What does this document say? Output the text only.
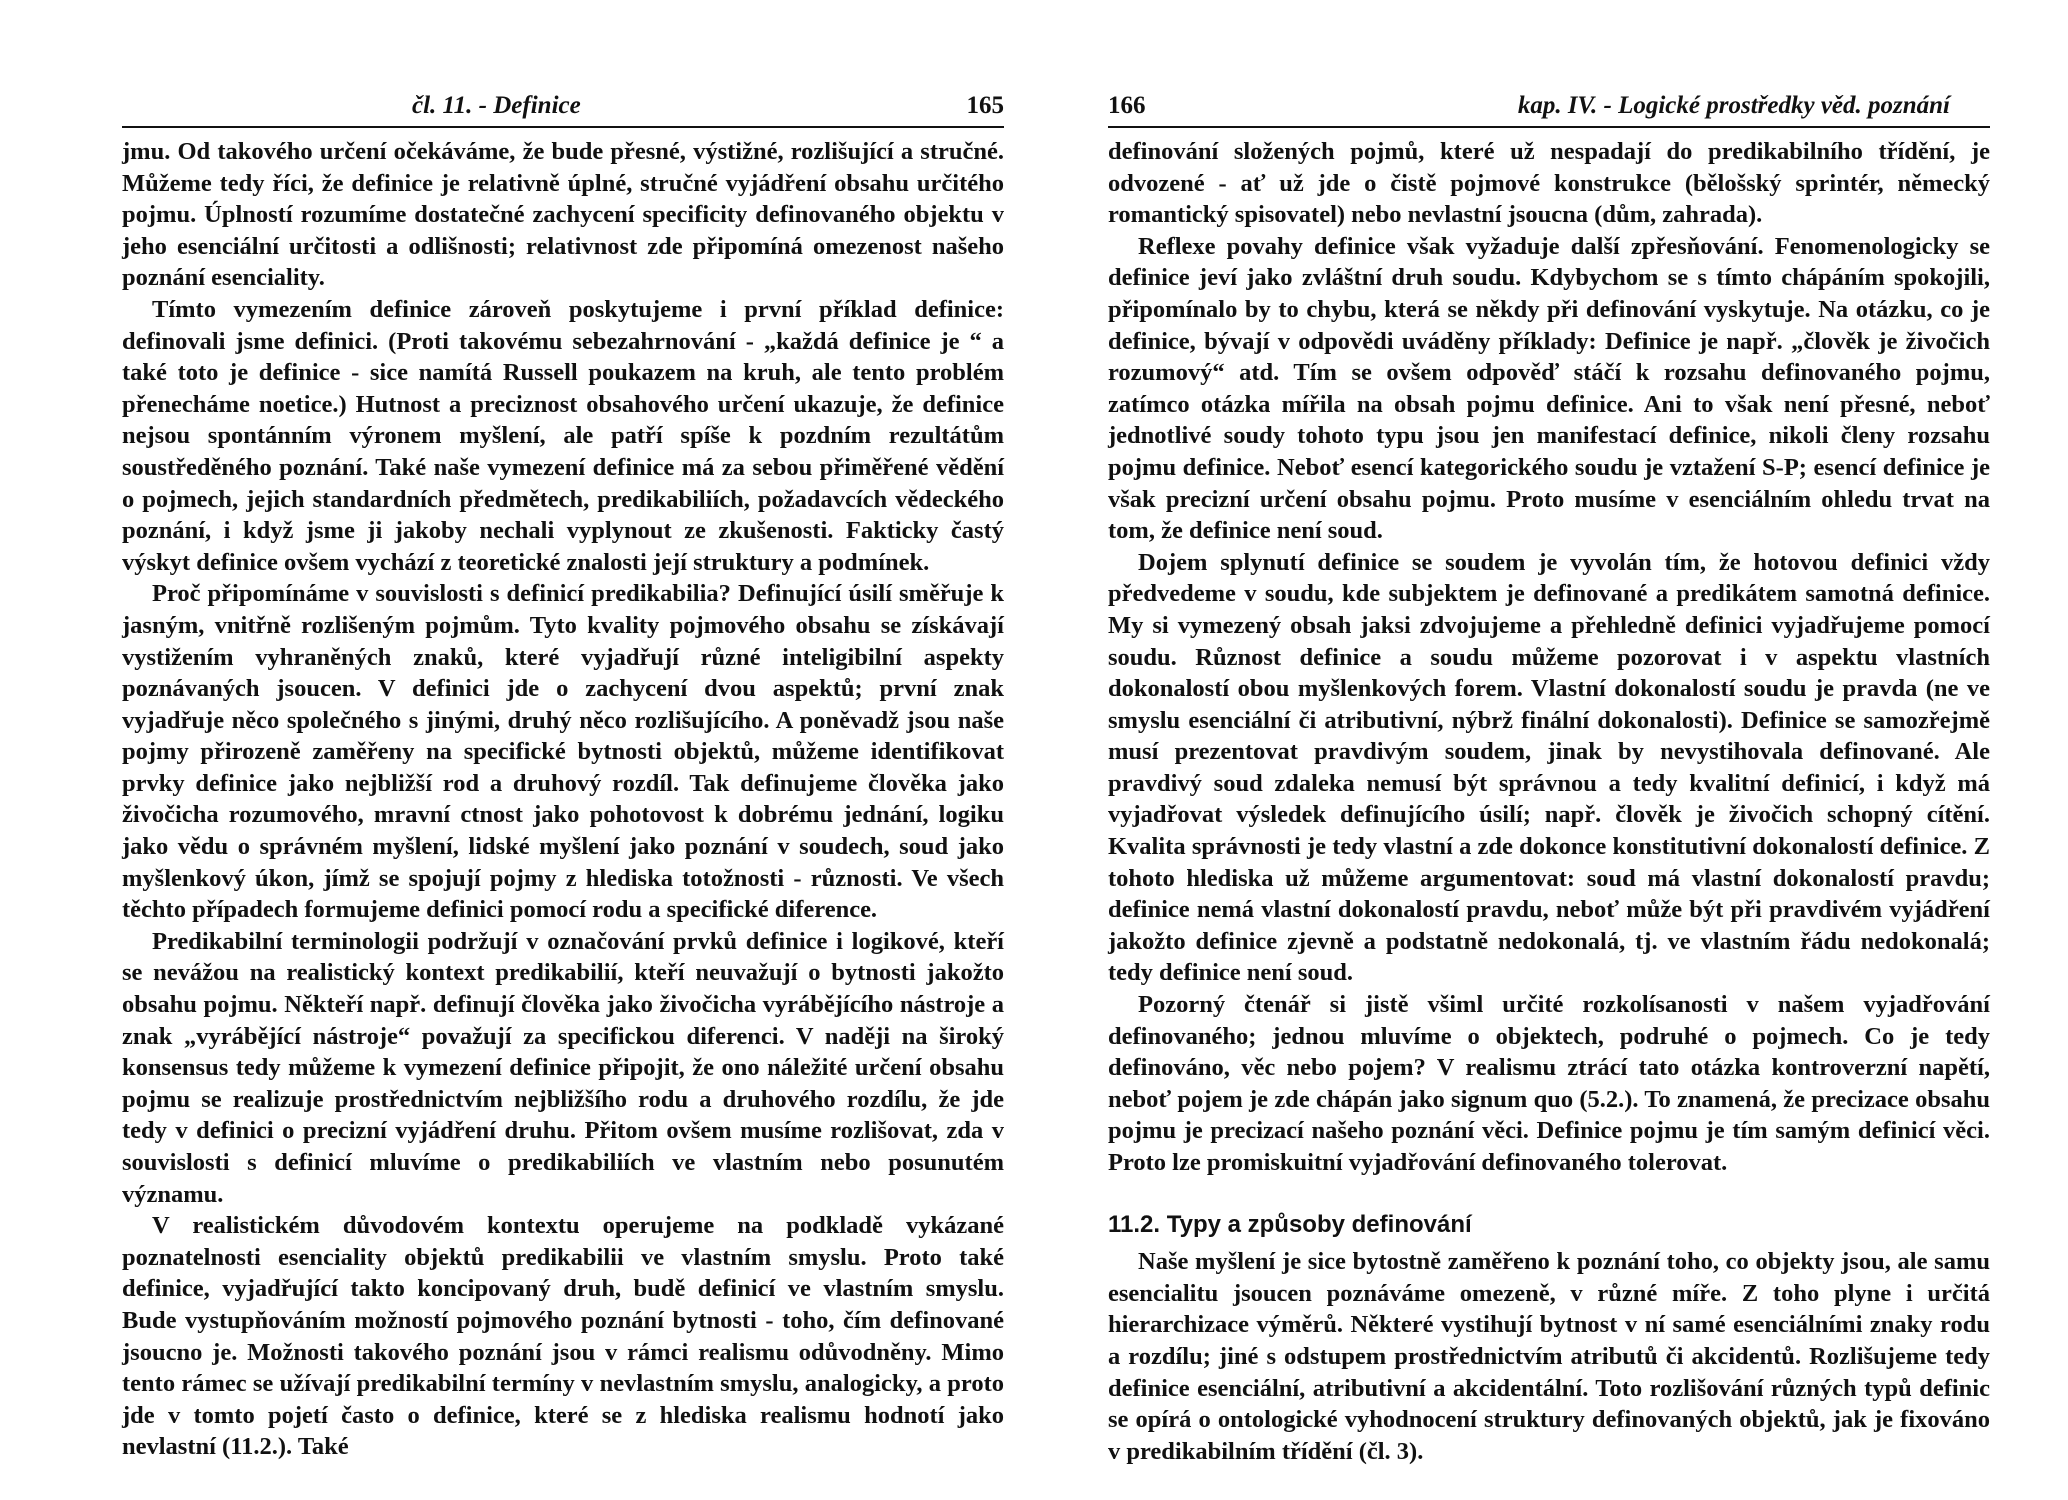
čl. 11. - Definice	165

jmu. Od takového určení očekáváme, že bude přesné, výstižné, rozlišující a stručné. Můžeme tedy říci, že definice je relativně úplné, stručné vyjádření obsahu určitého pojmu. Úplností rozumíme dostatečné zachycení specificity definovaného objektu v jeho esenciální určitosti a odlišnosti; relativnost zde připomíná omezenost našeho poznání esenciality.

Tímto vymezením definice zároveň poskytujeme i první příklad definice: definovali jsme definici. (Proti takovému sebezahrnování - „každá definice je “ a také toto je definice - sice namítá Russell poukazem na kruh, ale tento problém přenecháme noetice.) Hutnost a preciznost obsahového určení ukazuje, že definice nejsou spontánním výronem myšlení, ale patří spíše k pozdním rezultátům soustředěného poznání. Také naše vymezení definice má za sebou přiměřené vědění o pojmech, jejich standardních předmětech, predikabiliích, požadavcích vědeckého poznání, i když jsme ji jakoby nechali vyplynout ze zkušenosti. Fakticky častý výskyt definice ovšem vychází z teoretické znalosti její struktury a podmínek.

Proč připomínáme v souvislosti s definicí predikabilia? Definující úsilí směřuje k jasným, vnitřně rozlišeným pojmům. Tyto kvality pojmového obsahu se získávají vystižením vyhraněných znaků, které vyjadřují různé inteligibilní aspekty poznávaných jsoucen. V definici jde o zachycení dvou aspektů; první znak vyjadřuje něco společného s jinými, druhý něco rozlišujícího. A poněvadž jsou naše pojmy přirozeně zaměřeny na specifické bytnosti objektů, můžeme identifikovat prvky definice jako nejbližší rod a druhový rozdíl. Tak definujeme člověka jako živočicha rozumového, mravní ctnost jako pohotovost k dobrému jednání, logiku jako vědu o správném myšlení, lidské myšlení jako poznání v soudech, soud jako myšlenkový úkon, jímž se spojují pojmy z hlediska totožnosti - různosti. Ve všech těchto případech formujeme definici pomocí rodu a specifické diference.

Predikabilní terminologii podržují v označování prvků definice i logikové, kteří se nevážou na realistický kontext predikabilií, kteří neuvažují o bytnosti jakožto obsahu pojmu. Někteří např. definují člověka jako živočicha vyrábějícího nástroje a znak „vyrábějící nástroje“ považují za specifickou diferenci. V naději na široký konsensus tedy můžeme k vymezení definice připojit, že ono náležité určení obsahu pojmu se realizuje prostřednictvím nejbližšího rodu a druhového rozdílu, že jde tedy v definici o precizní vyjádření druhu. Přitom ovšem musíme rozlišovat, zda v souvislosti s definicí mluvíme o predikabiliích ve vlastním nebo posunutém významu.

V realistickém důvodovém kontextu operujeme na podkladě vykázané poznatelnosti esenciality objektů predikabilii ve vlastním smyslu. Proto také definice, vyjadřující takto koncipovaný druh, budě definicí ve vlastním smyslu. Bude vystupňováním možností pojmového poznání bytnosti - toho, čím definované jsoucno je. Možnosti takového poznání jsou v rámci realismu odůvodněny. Mimo tento rámec se užívají predikabilní termíny v nevlastním smyslu, analogicky, a proto jde v tomto pojetí často o definice, které se z hlediska realismu hodnotí jako nevlastní (11.2.). Také

166	kap. IV. - Logické prostředky věd. poznání

definování složených pojmů, které už nespadají do predikabilního třídění, je odvozené - ať už jde o čistě pojmové konstrukce (bělošský sprintér, německý romantický spisovatel) nebo nevlastní jsoucna (dům, zahrada).

Reflexe povahy definice však vyžaduje další zpřesňování. Fenomenologicky se definice jeví jako zvláštní druh soudu. Kdybychom se s tímto chápáním spokojili, připomínalo by to chybu, která se někdy při definování vyskytuje. Na otázku, co je definice, bývají v odpovědi uváděny příklady: Definice je např. „člověk je živočich rozumový“ atd. Tím se ovšem odpověď stáčí k rozsahu definovaného pojmu, zatímco otázka mířila na obsah pojmu definice. Ani to však není přesné, neboť jednotlivé soudy tohoto typu jsou jen manifestací definice, nikoli členy rozsahu pojmu definice. Neboť esencí kategorického soudu je vztažení S-P; esencí definice je však precizní určení obsahu pojmu. Proto musíme v esenciálním ohledu trvat na tom, že definice není soud.

Dojem splynutí definice se soudem je vyvolán tím, že hotovou definici vždy předvedeme v soudu, kde subjektem je definované a predikátem samotná definice. My si vymezený obsah jaksi zdvojujeme a přehledně definici vyjadřujeme pomocí soudu. Různost definice a soudu můžeme pozorovat i v aspektu vlastních dokonalostí obou myšlenkových forem. Vlastní dokonalostí soudu je pravda (ne ve smyslu esenciální či atributivní, nýbrž finální dokonalosti). Definice se samozřejmě musí prezentovat pravdivým soudem, jinak by nevystihovala definované. Ale pravdivý soud zdaleka nemusí být správnou a tedy kvalitní definicí, i když má vyjadřovat výsledek definujícího úsilí; např. člověk je živočich schopný cítění. Kvalita správnosti je tedy vlastní a zde dokonce konstitutivní dokonalostí definice. Z tohoto hlediska už můžeme argumentovat: soud má vlastní dokonalostí pravdu; definice nemá vlastní dokonalostí pravdu, neboť může být při pravdivém vyjádření jakožto definice zjevně a podstatně nedokonalá, tj. ve vlastním řádu nedokonalá; tedy definice není soud.

Pozorný čtenář si jistě všiml určité rozkolísanosti v našem vyjadřování definovaného; jednou mluvíme o objektech, podruhé o pojmech. Co je tedy definováno, věc nebo pojem? V realismu ztrácí tato otázka kontroverzní napětí, neboť pojem je zde chápán jako signum quo (5.2.). To znamená, že precizace obsahu pojmu je precizací našeho poznání věci. Definice pojmu je tím samým definicí věci. Proto lze promiskuitní vyjadřování definovaného tolerovat.

11.2. Typy a způsoby definování

Naše myšlení je sice bytostně zaměřeno k poznání toho, co objekty jsou, ale samu esencialitu jsoucen poznáváme omezeně, v různé míře. Z toho plyne i určitá hierarchizace výměrů. Některé vystihují bytnost v ní samé esenciálními znaky rodu a rozdílu; jiné s odstupem prostřednictvím atributů či akcidentů. Rozlišujeme tedy definice esenciální, atributivní a akcidentální. Toto rozlišování různých typů definic se opírá o ontologické vyhodnocení struktury definovaných objektů, jak je fixováno v predikabilním třídění (čl. 3).
